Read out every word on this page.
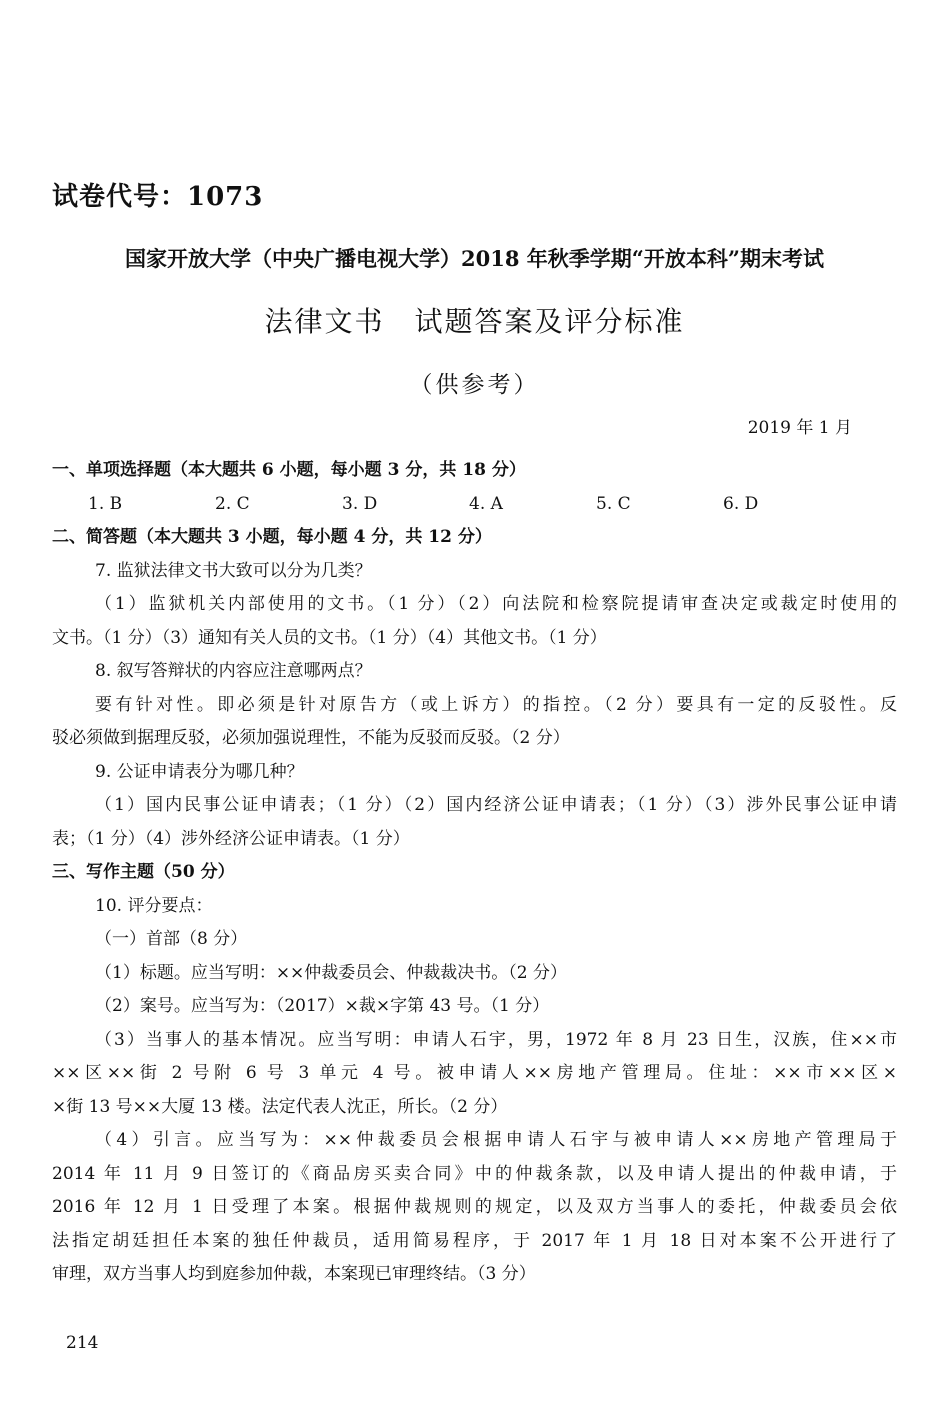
试卷代号：1073
国家开放大学（中央广播电视大学）2018 年秋季学期“开放本科”期末考试
法律文书　试题答案及评分标准
（供参考）
2019 年 1 月
一、单项选择题（本大题共 6 小题，每小题 3 分，共 18 分）
1. B	2. C	3. D	4. A	5. C	6. D
二、简答题（本大题共 3 小题，每小题 4 分，共 12 分）
7. 监狱法律文书大致可以分为几类？
（1）监狱机关内部使用的文书。（1 分）（2）向法院和检察院提请审查决定或裁定时使用的
文书。（1 分）（3）通知有关人员的文书。（1 分）（4）其他文书。（1 分）
8. 叙写答辩状的内容应注意哪两点？
要有针对性。即必须是针对原告方（或上诉方）的指控。（2 分）要具有一定的反驳性。反
驳必须做到据理反驳，必须加强说理性，不能为反驳而反驳。（2 分）
9. 公证申请表分为哪几种？
（1）国内民事公证申请表；（1 分）（2）国内经济公证申请表；（1 分）（3）涉外民事公证申请
表；（1 分）（4）涉外经济公证申请表。（1 分）
三、写作主题（50 分）
10. 评分要点：
（一）首部（8 分）
（1）标题。应当写明：××仲裁委员会、仲裁裁决书。（2 分）
（2）案号。应当写为：（2017）×裁×字第 43 号。（1 分）
（3）当事人的基本情况。应当写明：申请人石宇，男，1972 年 8 月 23 日生，汉族，住××市
××区××街 2 号附 6 号 3 单元 4 号。被申请人××房地产管理局。住址：××市××区×
×街 13 号××大厦 13 楼。法定代表人沈正，所长。（2 分）
（4）引言。应当写为：××仲裁委员会根据申请人石宇与被申请人××房地产管理局于
2014 年 11 月 9 日签订的《商品房买卖合同》中的仲裁条款，以及申请人提出的仲裁申请，于
2016 年 12 月 1 日受理了本案。根据仲裁规则的规定，以及双方当事人的委托，仲裁委员会依
法指定胡廷担任本案的独任仲裁员，适用简易程序，于 2017 年 1 月 18 日对本案不公开进行了
审理，双方当事人均到庭参加仲裁，本案现已审理终结。（3 分）
214
